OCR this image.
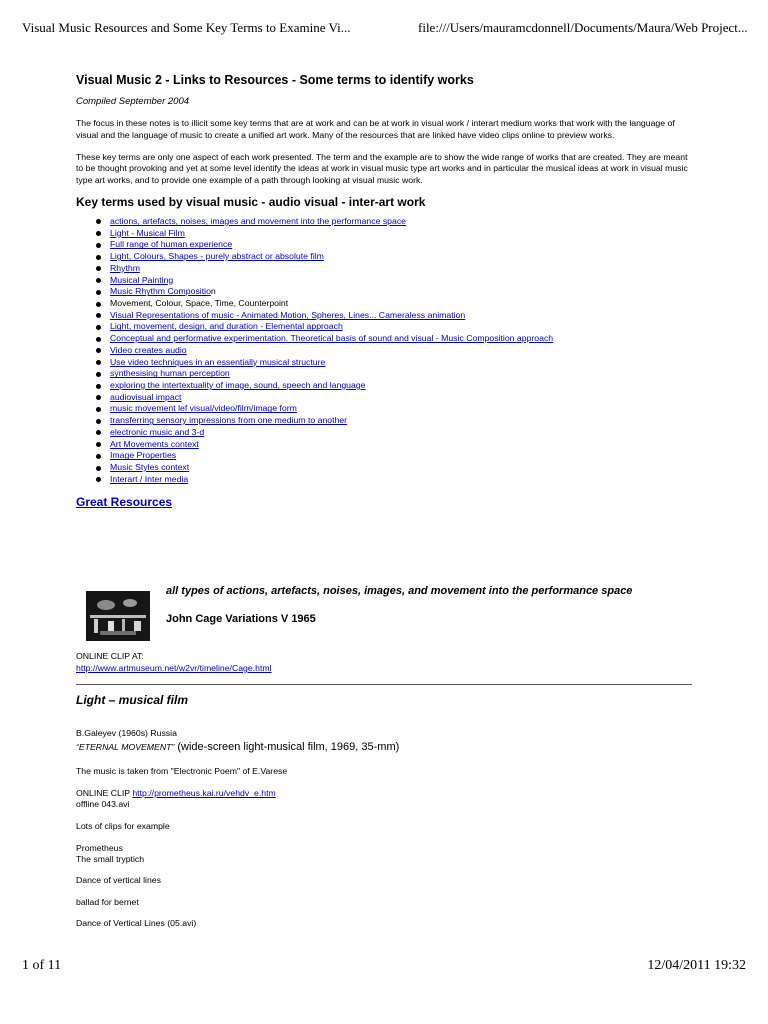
Visual Music Resources and Some Key Terms to Examine Vi...	file:///Users/mauramcdonnell/Documents/Maura/Web Project...
Visual Music 2 - Links to Resources - Some terms to identify works
Compiled September 2004
The focus in these notes is to illicit some key terms that are at work and can be at work in visual work / interart medium works that work with the language of visual and the language of music to create a unified art work. Many of the resources that are linked have video clips online to preview works.
These key terms are only one aspect of each work presented. The term and the example are to show the wide range of works that are created. They are meant to be thought provoking and yet at some level identify the ideas at work in visual music type art works and in particular the musical ideas at work in visual music type art works, and to provide one example of a path through looking at visual music work.
Key terms used by visual music - audio visual - inter-art work
actions, artefacts, noises, images and movement into the performance space
Light - Musical Film
Full range of human experience
Light, Colours, Shapes - purely abstract or absolute film
Rhythm
Musical Painting
Music Rhythm Composition
Movement, Colour, Space, Time, Counterpoint
Visual Representations of music - Animated Motion, Spheres, Lines... Cameraless animation
Light, movement, design, and duration - Elemental approach
Conceptual and performative experimentation. Theoretical basis of sound and visual - Music Composition approach
Video creates audio
Use video techniques in an essentially musical structure
synthesising human perception
exploring the intertextuality of image, sound, speech and language
audiovisual impact
music movement lef visual/video/film/image form
transferring sensory impressions from one medium to another
electronic music and 3-d
Art Movements context
Image Properties
Music Styles context
Interart / Inter media
Great Resources
all types of actions, artefacts, noises, images, and movement into the performance space
John Cage Variations V 1965
ONLINE CLIP AT:
http://www.artmuseum.net/w2vr/timeline/Cage.html
Light – musical film
B.Galeyev (1960s) Russia
“ETERNAL MOVEMENT” (wide-screen light-musical film, 1969, 35-mm)
The music is taken from "Electronic Poem" of E.Varese
ONLINE CLIP http://prometheus.kai.ru/vehdv_e.htm
offline 043.avi
Lots of clips for example
Prometheus
The small tryptich
Dance of vertical lines
ballad for bernet
Dance of Vertical Lines (05.avi)
1 of 11	12/04/2011 19:32
